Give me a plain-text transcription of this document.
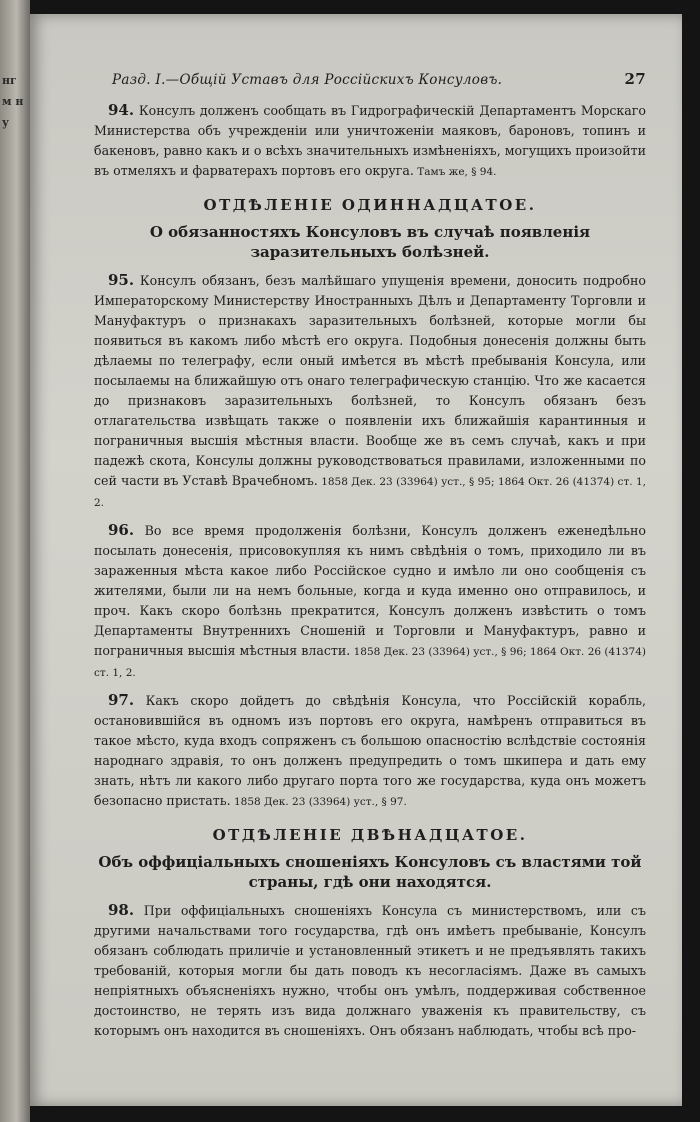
нгм н у
Разд. I.—Общій Уставъ для Россійскихъ Консуловъ.	27

94. Консулъ долженъ сообщать въ Гидрографическій Департаментъ Морскаго Министерства объ учрежденіи или уничтоженіи маяковъ, бароновъ, топинъ и бакеновъ, равно какъ и о всѣхъ значительныхъ измѣненіяхъ, могущихъ произойти въ отмеляхъ и фарватерахъ портовъ его округа. Тамъ же, § 94.

ОТДѢЛЕНІЕ ОДИННАДЦАТОЕ.
О обязанностяхъ Консуловъ въ случаѣ появленія заразительныхъ болѣзней.

95. Консулъ обязанъ, безъ малѣйшаго упущенія времени, доносить подробно Императорскому Министерству Иностранныхъ Дѣлъ и Департаменту Торговли и Мануфактуръ о признакахъ заразительныхъ болѣзней, которые могли бы появиться въ какомъ либо мѣстѣ его округа. Подобныя донесенія должны быть дѣлаемы по телеграфу, если оный имѣется въ мѣстѣ пребыванія Консула, или посылаемы на ближайшую отъ онаго телеграфическую станцію. Что же касается до признаковъ заразительныхъ болѣзней, то Консулъ обязанъ безъ отлагательства извѣщать также о появленіи ихъ ближайшія карантинныя и пограничныя высшія мѣстныя власти. Вообще же въ семъ случаѣ, какъ и при падежѣ скота, Консулы должны руководствоваться правилами, изложенными по сей части въ Уставѣ Врачебномъ. 1858 Дек. 23 (33964) уст., § 95; 1864 Окт. 26 (41374) ст. 1, 2.

96. Во все время продолженія болѣзни, Консулъ долженъ еженедѣльно посылать донесенія, присовокупляя къ нимъ свѣдѣнія о томъ, приходило ли въ зараженныя мѣста какое либо Россійское судно и имѣло ли оно сообщенія съ жителями, были ли на немъ больные, когда и куда именно оно отправилось, и проч. Какъ скоро болѣзнь прекратится, Консулъ долженъ извѣстить о томъ Департаменты Внутреннихъ Сношеній и Торговли и Мануфактуръ, равно и пограничныя высшія мѣстныя власти. 1858 Дек. 23 (33964) уст., § 96; 1864 Окт. 26 (41374) ст. 1, 2.

97. Какъ скоро дойдетъ до свѣдѣнія Консула, что Россійскій корабль, остановившійся въ одномъ изъ портовъ его округа, намѣренъ отправиться въ такое мѣсто, куда входъ сопряженъ съ большою опасностію вслѣдствіе состоянія народнаго здравія, то онъ долженъ предупредить о томъ шкипера и дать ему знать, нѣтъ ли какого либо другаго порта того же государства, куда онъ можетъ безопасно пристать. 1858 Дек. 23 (33964) уст., § 97.

ОТДѢЛЕНІЕ ДВѢНАДЦАТОЕ.
Объ оффиціальныхъ сношеніяхъ Консуловъ съ властями той страны, гдѣ они находятся.

98. При оффиціальныхъ сношеніяхъ Консула съ министерствомъ, или съ другими начальствами того государства, гдѣ онъ имѣетъ пребываніе, Консулъ обязанъ соблюдать приличіе и установленный этикетъ и не предъявлять такихъ требованій, которыя могли бы дать поводъ къ несогласіямъ. Даже въ самыхъ непріятныхъ объясненіяхъ нужно, чтобы онъ умѣлъ, поддерживая собственное достоинство, не терять изъ вида должнаго уваженія къ правительству, съ которымъ онъ находится въ сношеніяхъ. Онъ обязанъ наблюдать, чтобы всѣ про-
